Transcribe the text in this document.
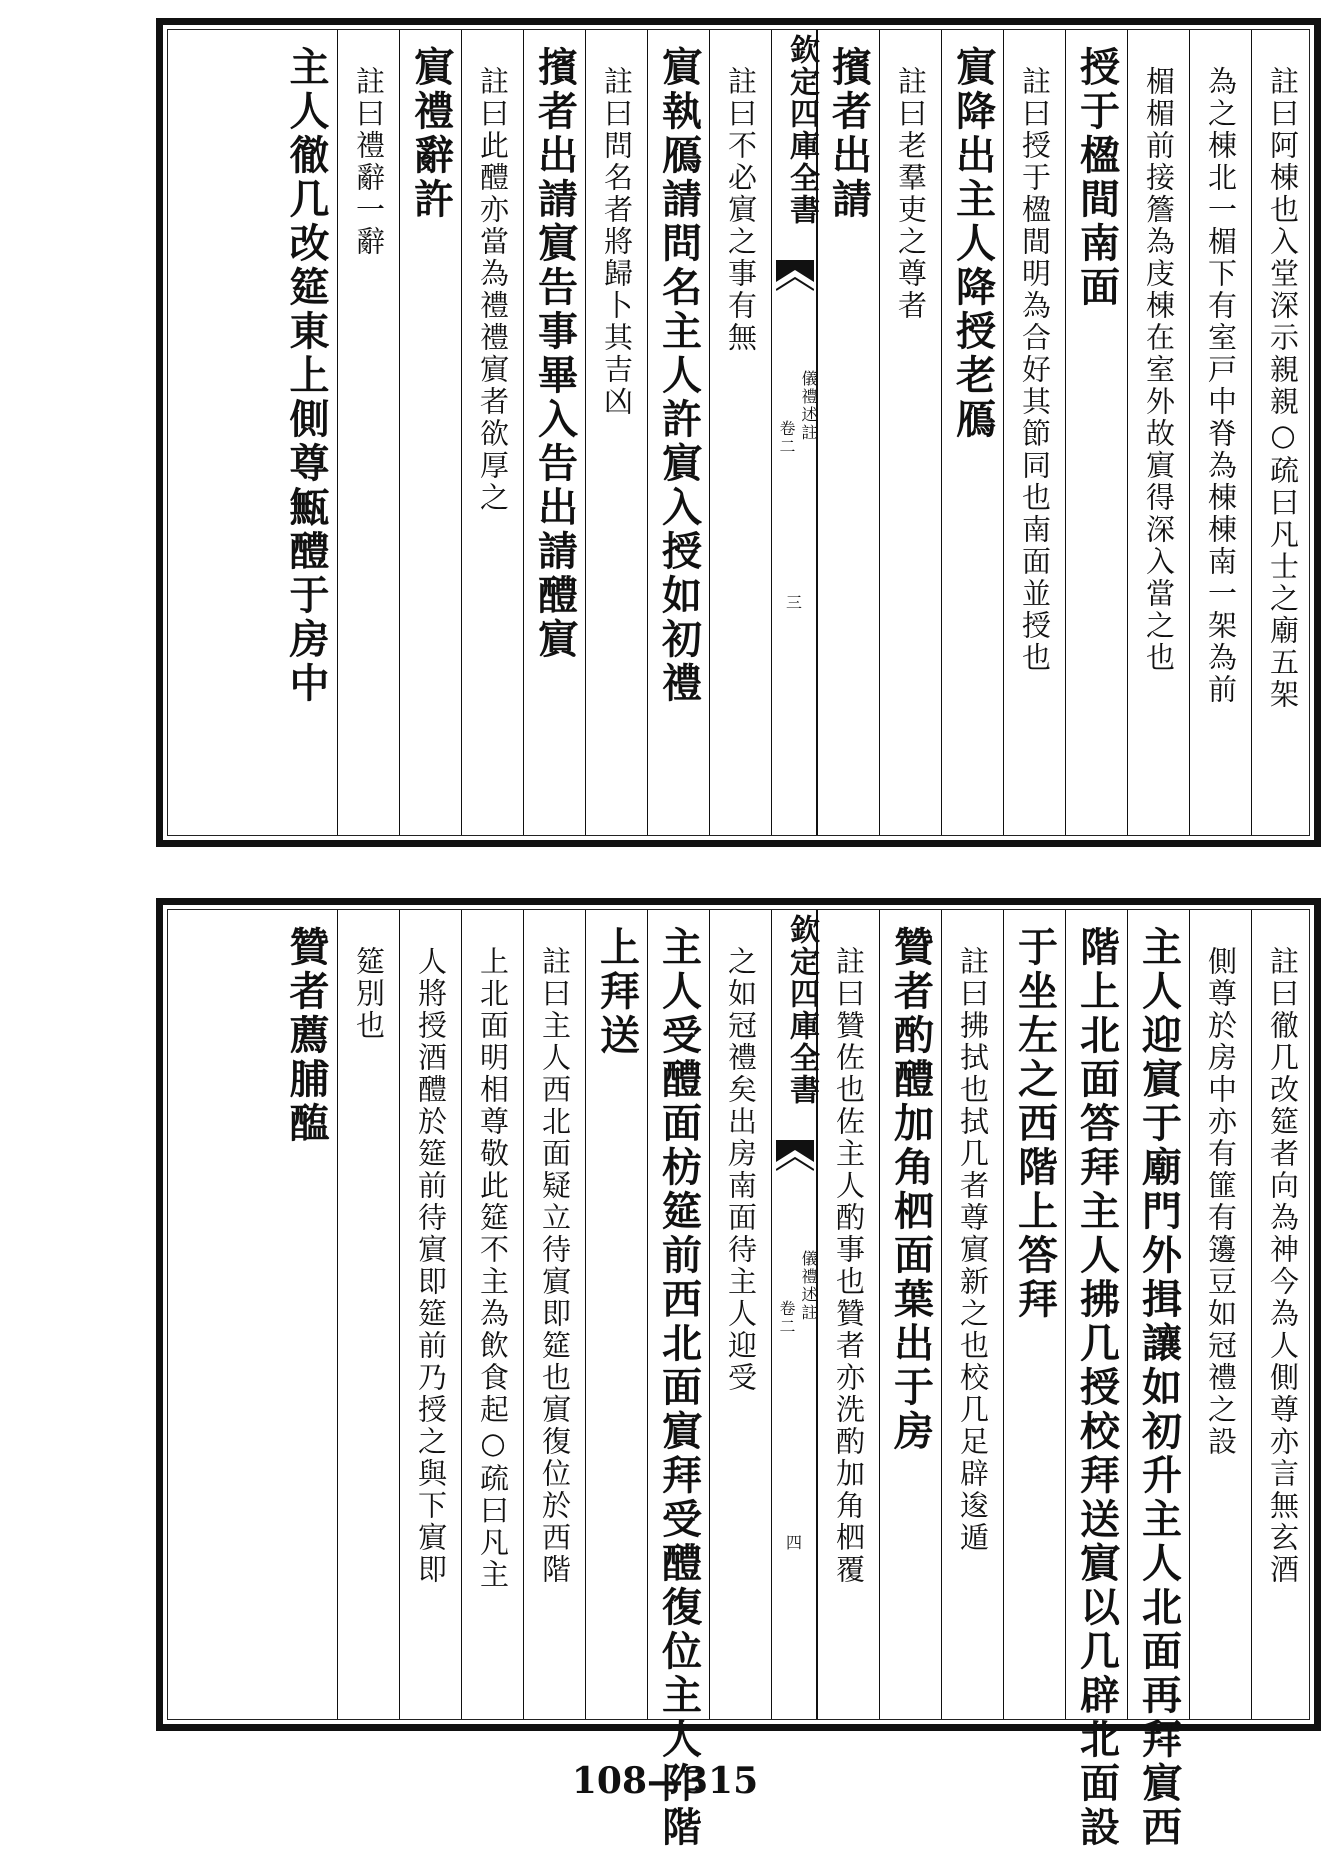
註曰阿棟也入堂深示親親○疏曰凡士之廟五架
為之棟北一楣下有室戸中脊為棟棟南一架為前
楣楣前接簷為庋棟在室外故賔得深入當之也
授于楹間南面
註曰授于楹間明為合好其節同也南面並授也
賔降出主人降授老鴈
註曰老羣吏之尊者
擯者出請
欽定四庫全書
卷二 儀禮述註
三
註曰不必賔之事有無
賔執鴈請問名主人許賔入授如初禮
註曰問名者將歸卜其吉凶
擯者出請賔告事畢入告出請醴賔
註曰此醴亦當為禮禮賔者欲厚之
賔禮辭許
註曰禮辭一辭
主人徹几改筵東上側尊甒醴于房中
註曰徹几改筵者向為神今為人側尊亦言無玄酒
側尊於房中亦有篚有籩豆如冠禮之設
主人迎賔于廟門外揖讓如初升主人北面再拜賔西
階上北面答拜主人拂几授校拜送賔以几辟北面設
于坐左之西階上答拜
註曰拂拭也拭几者尊賔新之也校几足辟逡遁
贊者酌醴加角柶面葉出于房
註曰贊佐也佐主人酌事也贊者亦洗酌加角柶覆
欽定四庫全書
卷二 儀禮述註
四
之如冠禮矣出房南面待主人迎受
主人受醴面枋筵前西北面賔拜受醴復位主人阼階
上拜送
註曰主人西北面疑立待賔即筵也賔復位於西階
上北面明相尊敬此筵不主為飲食起○疏曰凡主
人將授酒醴於筵前待賔即筵前乃授之與下賔即
筵別也
贊者薦脯醢
108—315
